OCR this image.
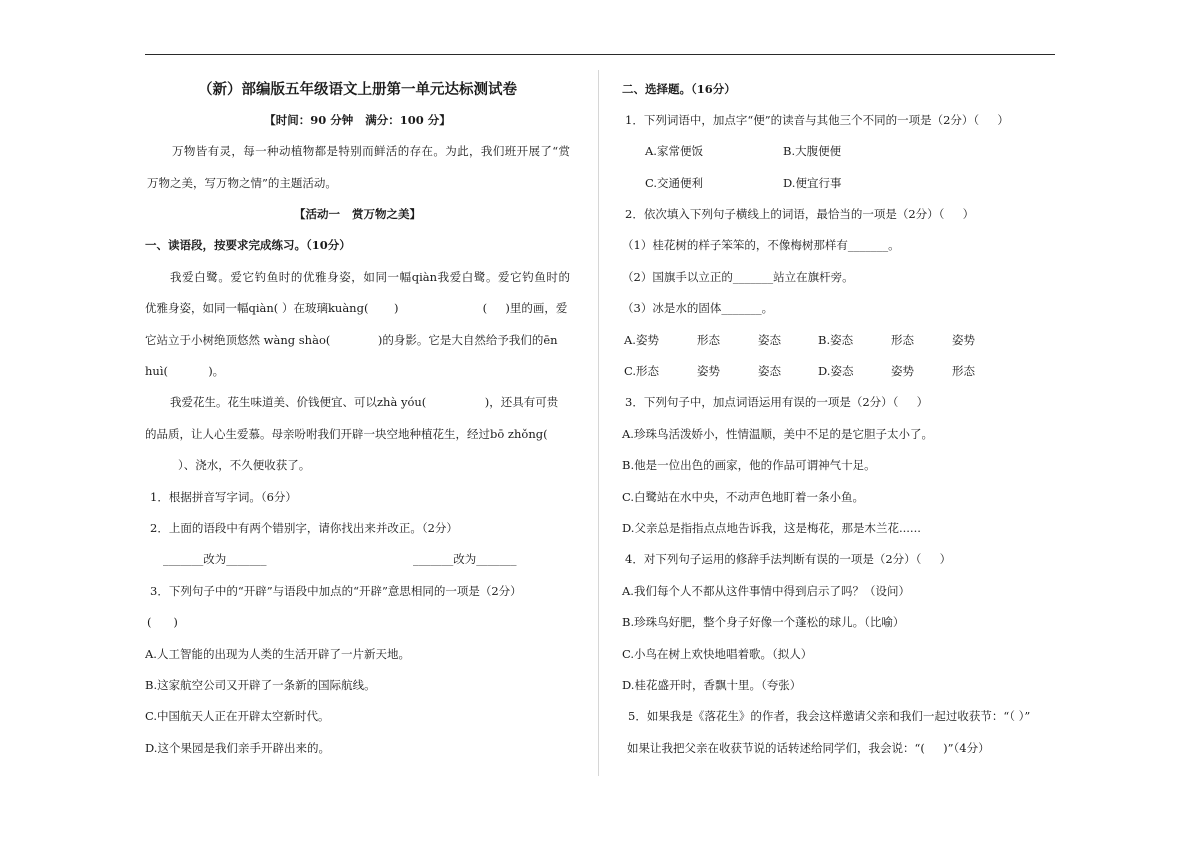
（新）部编版五年级语文上册第一单元达标测试卷
【时间：90 分钟   满分：100 分】
万物皆有灵，每一种动植物都是特别而鲜活的存在。为此，我们班开展了“赏
万物之美，写万物之情”的主题活动。
【活动一   赏万物之美】
一、读语段，按要求完成练习。（10分）
我爱白鹭。爱它钓鱼时的优雅身姿，如同一幅qiàn我爱白鹭。爱它钓鱼时的
优雅身姿，如同一幅qiàn( ）在玻璃kuàng(       )                       (     )里的画，爱
它站立于小树绝顶悠然 wàng shào(             )的身影。它是大自然给予我们的ēn
huì(           )。
我爱花生。花生味道美、价钱便宜、可以zhà yóu(                )，还具有可贵
的品质，让人心生爱慕。母亲吩咐我们开辟一块空地种植花生，经过bō zhǒng(
）、浇水，不久便收获了。
1．根据拼音写字词。（6分）
2．上面的语段中有两个错别字，请你找出来并改正。（2分）
_______改为_______	_______改为_______
3．下列句子中的“开辟”与语段中加点的“开辟”意思相同的一项是（2分）
(      )
A.人工智能的出现为人类的生活开辟了一片新天地。
B.这家航空公司又开辟了一条新的国际航线。
C.中国航天人正在开辟太空新时代。
D.这个果园是我们亲手开辟出来的。
二、选择题。（16分）
1．下列词语中，加点字“便”的读音与其他三个不同的一项是（2分）（     ）
A.家常便饭	B.大腹便便
C.交通便利	D.便宜行事
2．依次填入下列句子横线上的词语，最恰当的一项是（2分）（     ）
（1）桂花树的样子笨笨的，不像梅树那样有_______。
（2）国旗手以立正的_______站立在旗杆旁。
（3）冰是水的固体_______。
A.姿势	形态	姿态	B.姿态	形态	姿势
C.形态	姿势	姿态	D.姿态	姿势	形态
3．下列句子中，加点词语运用有误的一项是（2分）（     ）
A.珍珠鸟活泼娇小，性情温顺，美中不足的是它胆子太小了。
B.他是一位出色的画家，他的作品可谓神气十足。
C.白鹭站在水中央，不动声色地盯着一条小鱼。
D.父亲总是指指点点地告诉我，这是梅花，那是木兰花......
4．对下列句子运用的修辞手法判断有误的一项是（2分）（     ）
A.我们每个人不都从这件事情中得到启示了吗？（设问）
B.珍珠鸟好肥，整个身子好像一个蓬松的球儿。（比喻）
C.小鸟在树上欢快地唱着歌。（拟人）
D.桂花盛开时，香飘十里。（夸张）
5．如果我是《落花生》的作者，我会这样邀请父亲和我们一起过收获节：“（ ）”
如果让我把父亲在收获节说的话转述给同学们，我会说：“(     )”（4分）
